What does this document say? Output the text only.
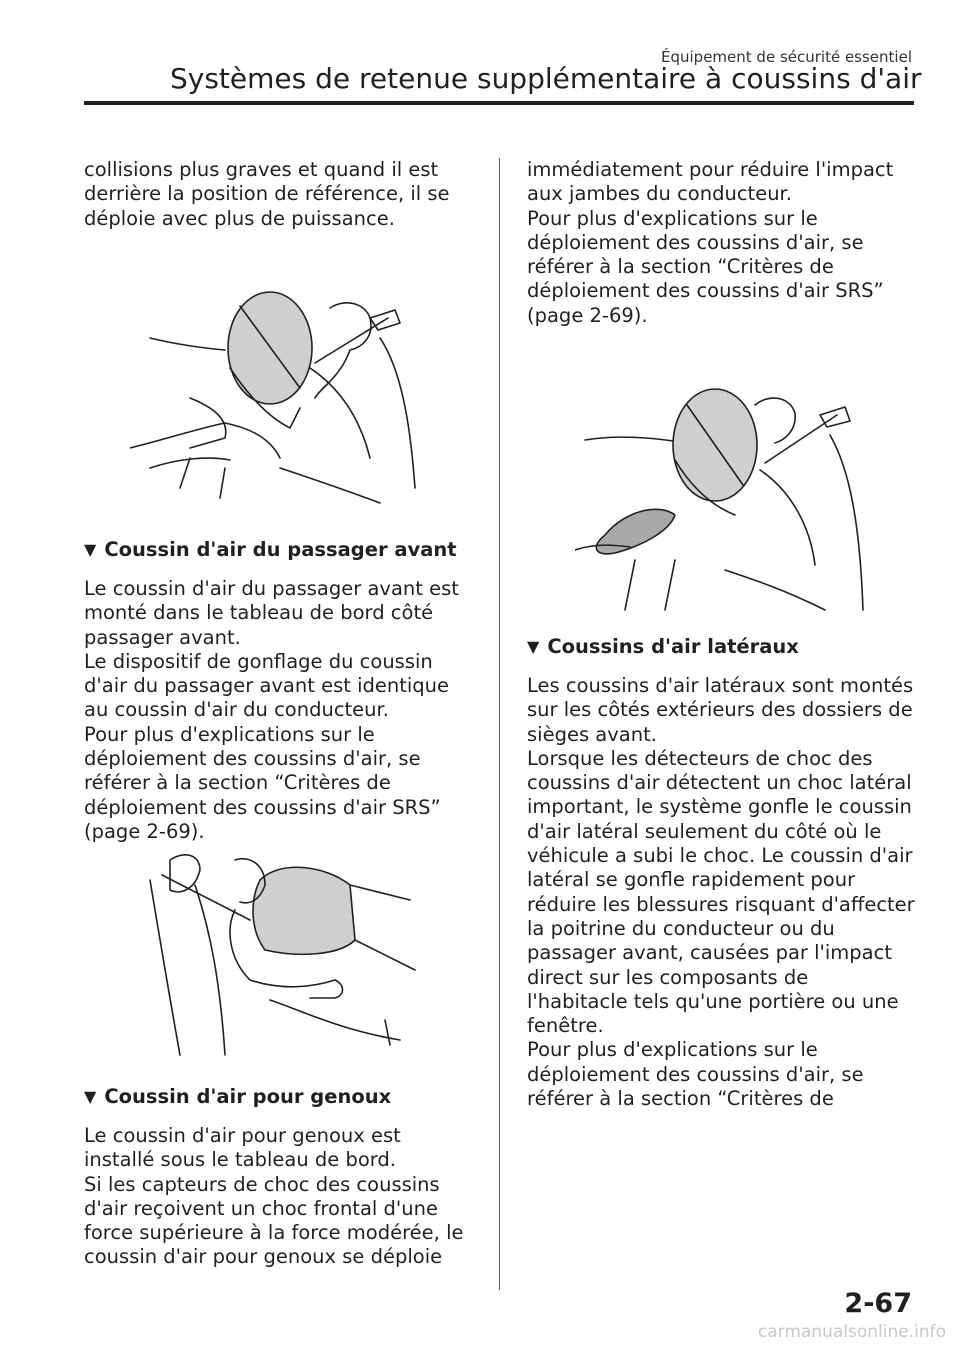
Équipement de sécurité essentiel
Systèmes de retenue supplémentaire à coussins d'air
collisions plus graves et quand il est
derrière la position de référence, il se
déploie avec plus de puissance.
▼ Coussin d'air du passager avant
Le coussin d'air du passager avant est
monté dans le tableau de bord côté
passager avant.
Le dispositif de gonflage du coussin
d'air du passager avant est identique
au coussin d'air du conducteur.
Pour plus d'explications sur le
déploiement des coussins d'air, se
référer à la section “Critères de
déploiement des coussins d'air SRS”
(page 2-69).
▼ Coussin d'air pour genoux
Le coussin d'air pour genoux est
installé sous le tableau de bord.
Si les capteurs de choc des coussins
d'air reçoivent un choc frontal d'une
force supérieure à la force modérée, le
coussin d'air pour genoux se déploie
immédiatement pour réduire l'impact
aux jambes du conducteur.
Pour plus d'explications sur le
déploiement des coussins d'air, se
référer à la section “Critères de
déploiement des coussins d'air SRS”
(page 2-69).
▼ Coussins d'air latéraux
Les coussins d'air latéraux sont montés
sur les côtés extérieurs des dossiers de
sièges avant.
Lorsque les détecteurs de choc des
coussins d'air détectent un choc latéral
important, le système gonfle le coussin
d'air latéral seulement du côté où le
véhicule a subi le choc. Le coussin d'air
latéral se gonfle rapidement pour
réduire les blessures risquant d'affecter
la poitrine du conducteur ou du
passager avant, causées par l'impact
direct sur les composants de
l'habitacle tels qu'une portière ou une
fenêtre.
Pour plus d'explications sur le
déploiement des coussins d'air, se
référer à la section “Critères de
2-67
carmanualsonline.info
